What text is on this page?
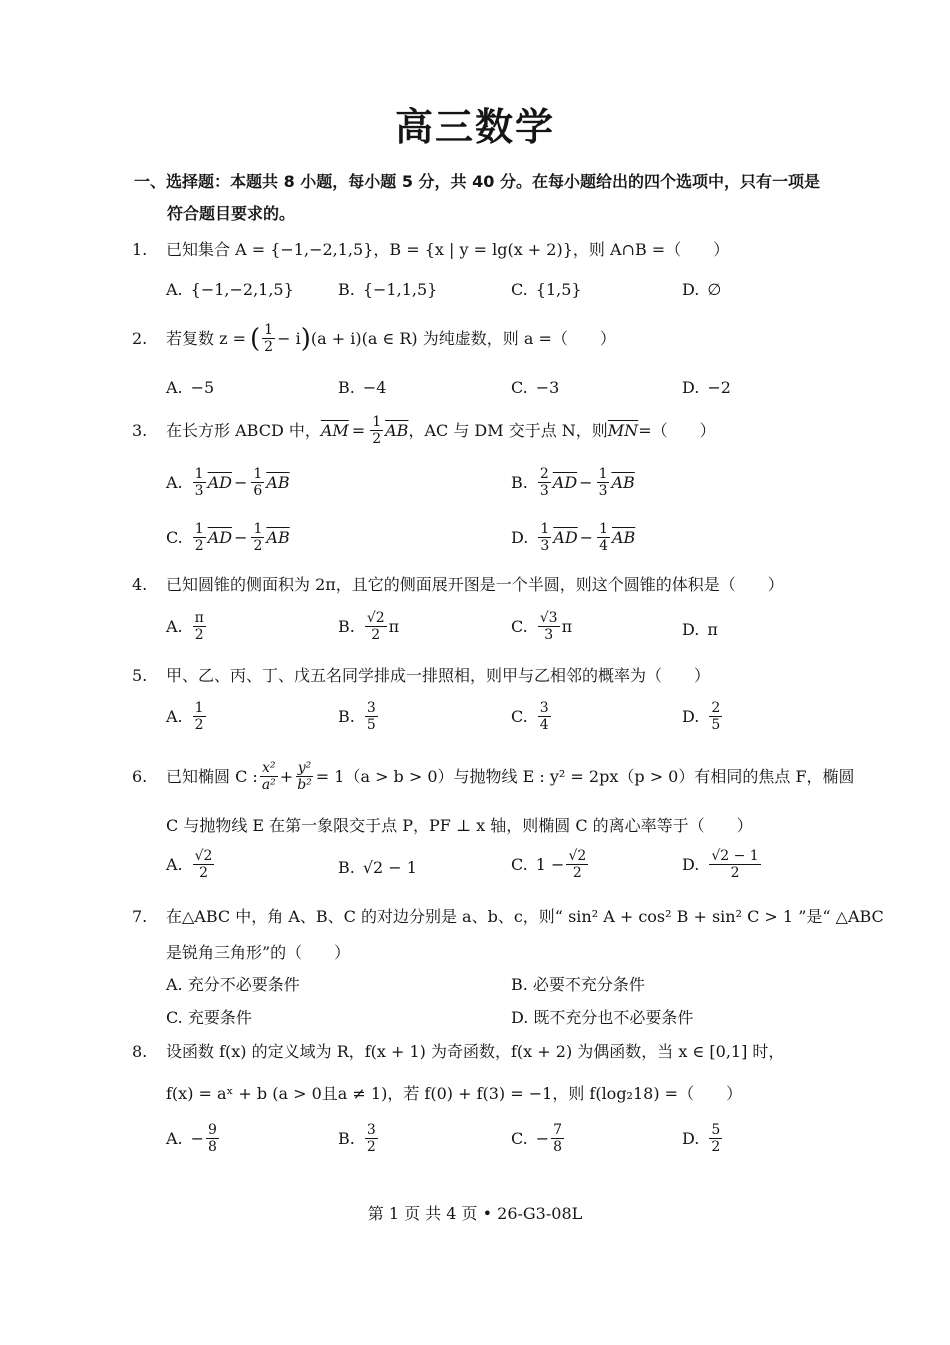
高三数学
一、选择题：本题共 8 小题，每小题 5 分，共 40 分。在每小题给出的四个选项中，只有一项是
符合题目要求的。
1. 已知集合 A = {−1,−2,1,5}，B = {x | y = lg(x + 2)}，则 A∩B =（　　）
A. {−1,−2,1,5}	B. {−1,1,5}	C. {1,5}	D. ∅
2.	若复数 z = ( $\frac{1}{2} - i$ ) (a + i)(a ∈ R) 为纯虚数，则 a =（　　）
A. −5	B. −4	C. −3	D. −2
3.	在长方形 ABCD 中， $\overline{AM} = \frac{1}{2} \overline{AB}$ ，AC 与 DM 交于点 N，则 $\overline{MN}$ =（　　）
A. $\frac{1}{3} \overline{AD} - \frac{1}{6} \overline{AB}$	B. $\frac{2}{3} \overline{AD} - \frac{1}{3} \overline{AB}$
C. $\frac{1}{2} \overline{AD} - \frac{1}{2} \overline{AB}$	D. $\frac{1}{3} \overline{AD} - \frac{1}{4} \overline{AB}$
4. 已知圆锥的侧面积为 2π，且它的侧面展开图是一个半圆，则这个圆锥的体积是（　　）
A. $\frac{\pi}{2}$	B. $\frac{√2}{2}$ π	C. $\frac{√3}{3}$ π	D. π
5. 甲、乙、丙、丁、戊五名同学排成一排照相，则甲与乙相邻的概率为（　　）
A. $\frac{1}{2}$	B. $\frac{3}{5}$	C. $\frac{3}{4}$	D. $\frac{2}{5}$
6.	已知椭圆 C : $\frac{\text{x²}}{\text{a²}} + \frac{\text{y²}}{\text{b²}} = 1(a > b > 0)$与抛物线 E : y² = 2px（p > 0）有相同的焦点 F，椭圆
C 与抛物线 E 在第一象限交于点 P，PF ⊥ x 轴，则椭圆 C 的离心率等于（　　）
A. $\frac{√2}{2}$	B. √2 − 1	C. $1 - \frac{√2}{2}$	D. $\frac{√2 - 1}{2}$
7. 在△ABC 中，角 A、B、C 的对边分别是 a、b、c，则“ sin² A + cos² B + sin² C > 1 ”是“ △ABC
是锐角三角形”的（　　）
A. 充分不必要条件	B. 必要不充分条件
C. 充要条件	D. 既不充分也不必要条件
8. 设函数 f(x) 的定义域为 R，f(x + 1) 为奇函数，f(x + 2) 为偶函数，当 x ∈ [0,1] 时，
f(x) = aˣ + b (a > 0且a ≠ 1)，若 f(0) + f(3) = −1，则 f(log₂18) =（　　）
A. − $\frac{9}{8}$	B. $\frac{3}{2}$	C. − $\frac{7}{8}$	D. $\frac{5}{2}$
第 1 页 共 4 页 • 26-G3-08L
